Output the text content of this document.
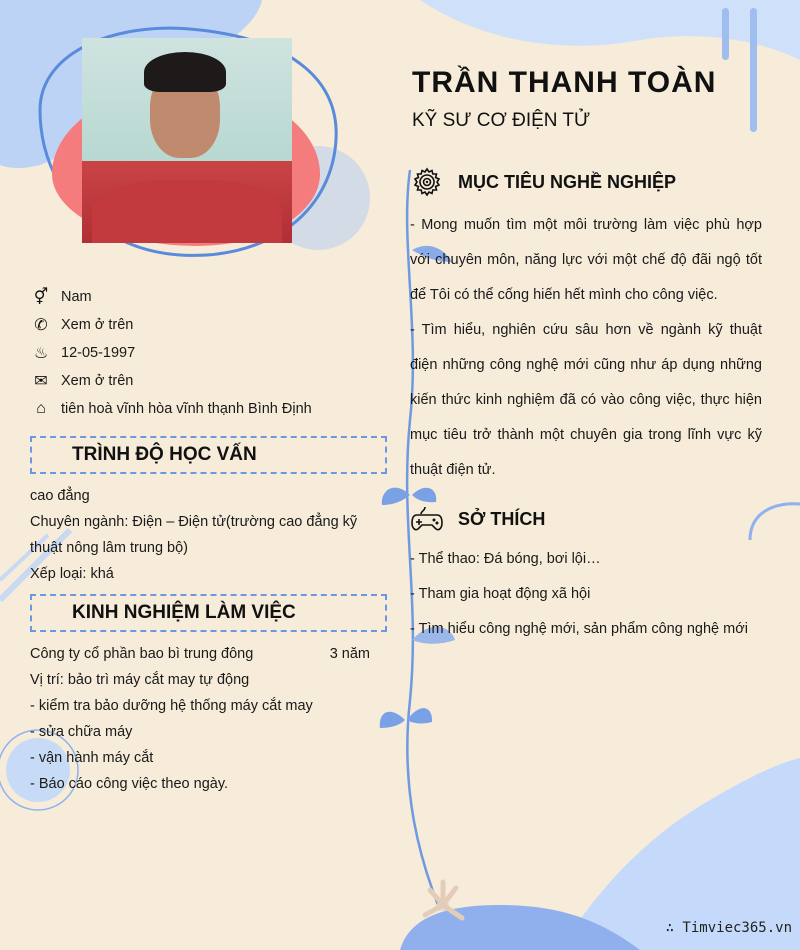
TRẦN THANH TOÀN
KỸ SƯ CƠ ĐIỆN TỬ
⚥ Nam
✆ Xem ở trên
♨ 12-05-1997
✉ Xem ở trên
⌂	tiên hoà vĩnh hòa vĩnh thạnh Bình Định
TRÌNH ĐỘ HỌC VẤN
cao đẳng
Chuyên ngành: Điện – Điện tử(trường cao đẳng kỹ thuật nông lâm trung bộ)
Xếp loại: khá
KINH NGHIỆM LÀM VIỆC
Công ty cổ phần bao bì trung đông	3 năm
Vị trí: bảo trì máy cắt may tự động
- kiểm tra bảo dưỡng hệ thống máy cắt may
- sửa chữa máy
- vận hành máy cắt
- Báo cáo công việc theo ngày.
MỤC TIÊU NGHỀ NGHIỆP
- Mong muốn tìm một môi trường làm việc phù hợp với chuyên môn, năng lực với một chế độ đãi ngộ tốt để Tôi có thể cống hiến hết mình cho công việc.
- Tìm hiểu, nghiên cứu sâu hơn về ngành kỹ thuật điện những công nghệ mới cũng như áp dụng những kiến thức kinh nghiệm đã có vào công việc, thực hiện mục tiêu trở thành một chuyên gia trong lĩnh vực kỹ thuật điện tử.
SỞ THÍCH
- Thể thao: Đá bóng, bơi lội…
- Tham gia hoạt động xã hội
- Tìm hiểu công nghệ mới, sản phẩm công nghệ mới
∴ Timviec365.vn
